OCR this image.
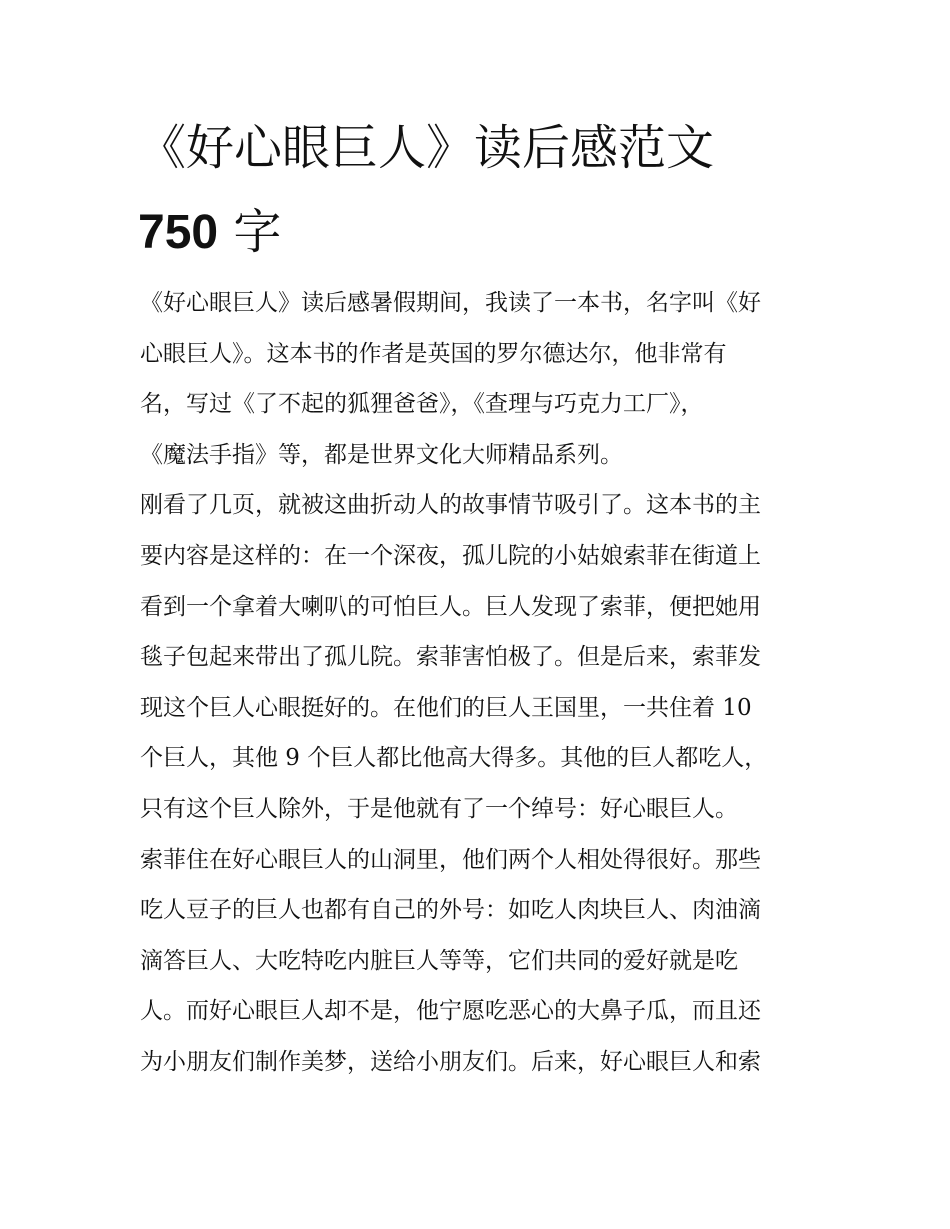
《好心眼巨人》读后感范文
750 字
《好心眼巨人》读后感暑假期间，我读了一本书，名字叫《好
心眼巨人》。这本书的作者是英国的罗尔德达尔，他非常有
名，写过《了不起的狐狸爸爸》，《查理与巧克力工厂》，
《魔法手指》等，都是世界文化大师精品系列。
刚看了几页，就被这曲折动人的故事情节吸引了。这本书的主
要内容是这样的：在一个深夜，孤儿院的小姑娘索菲在街道上
看到一个拿着大喇叭的可怕巨人。巨人发现了索菲，便把她用
毯子包起来带出了孤儿院。索菲害怕极了。但是后来，索菲发
现这个巨人心眼挺好的。在他们的巨人王国里，一共住着 10
个巨人，其他 9 个巨人都比他高大得多。其他的巨人都吃人，
只有这个巨人除外，于是他就有了一个绰号：好心眼巨人。
索菲住在好心眼巨人的山洞里，他们两个人相处得很好。那些
吃人豆子的巨人也都有自己的外号：如吃人肉块巨人、肉油滴
滴答巨人、大吃特吃内脏巨人等等，它们共同的爱好就是吃
人。而好心眼巨人却不是，他宁愿吃恶心的大鼻子瓜，而且还
为小朋友们制作美梦，送给小朋友们。后来，好心眼巨人和索
